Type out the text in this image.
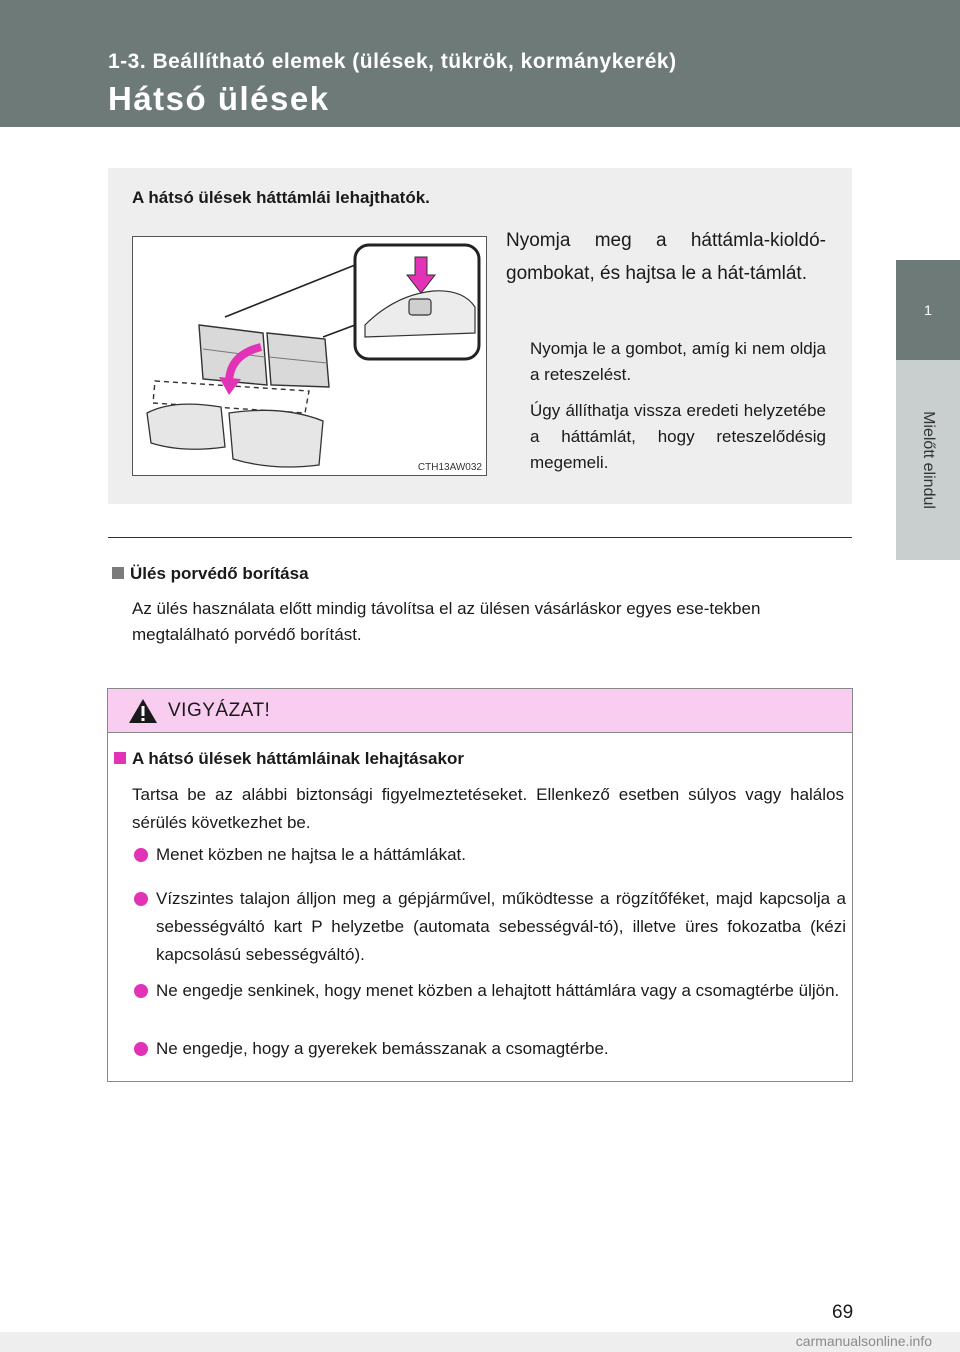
1-3. Beállítható elemek (ülések, tükrök, kormánykerék)
Hátsó ülések
1
Mielőtt elindul
A hátsó ülések háttámlái lehajthatók.
CTH13AW032
Nyomja meg a háttámla-kioldó-gombokat, és hajtsa le a hát-támlát.
Nyomja le a gombot, amíg ki nem oldja a reteszelést.
Úgy állíthatja vissza eredeti helyzetébe a háttámlát, hogy reteszelődésig megemeli.
Ülés porvédő borítása
Az ülés használata előtt mindig távolítsa el az ülésen vásárláskor egyes ese-tekben megtalálható porvédő borítást.
VIGYÁZAT!
A hátsó ülések háttámláinak lehajtásakor
Tartsa be az alábbi biztonsági figyelmeztetéseket. Ellenkező esetben súlyos vagy halálos sérülés következhet be.
Menet közben ne hajtsa le a háttámlákat.
Vízszintes talajon álljon meg a gépjárművel, működtesse a rögzítőféket, majd kapcsolja a sebességváltó kart P helyzetbe (automata sebességvál-tó), illetve üres fokozatba (kézi kapcsolású sebességváltó).
Ne engedje senkinek, hogy menet közben a lehajtott háttámlára vagy a csomagtérbe üljön.
Ne engedje, hogy a gyerekek bemásszanak a csomagtérbe.
69
carmanualsonline.info
